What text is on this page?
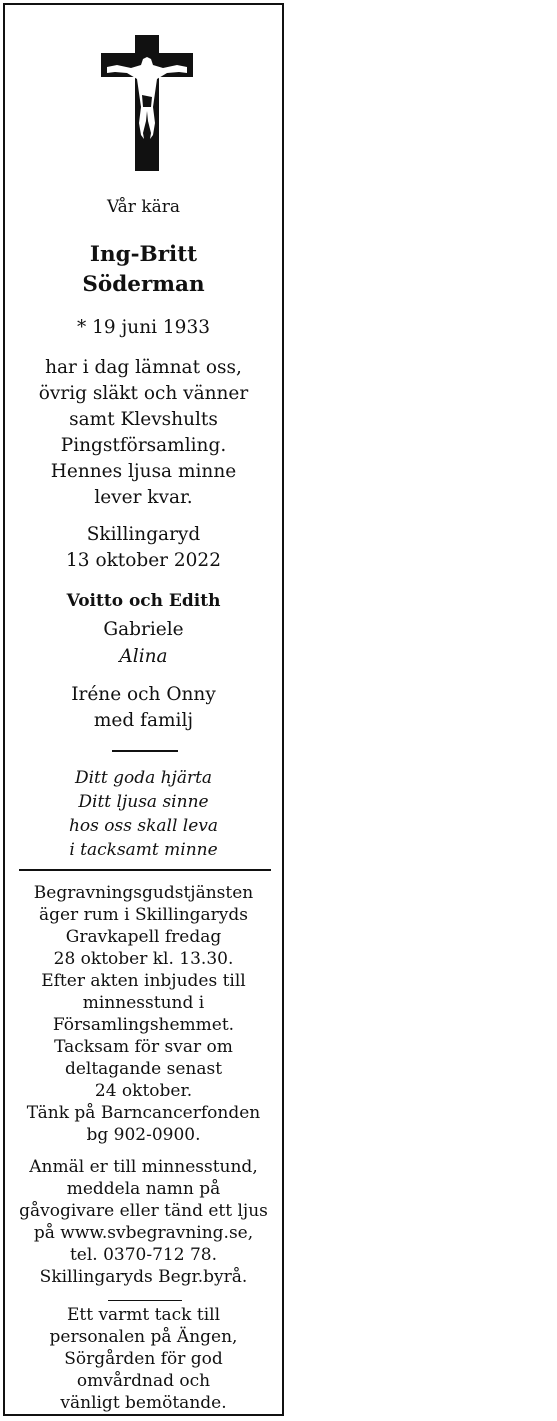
Vår kära
Ing-Britt
Söderman
* 19 juni 1933
har i dag lämnat oss,
övrig släkt och vänner
samt Klevshults
Pingstförsamling.
Hennes ljusa minne
lever kvar.
Skillingaryd
13 oktober 2022
Voitto och Edith
Gabriele
Alina
Iréne och Onny
med familj
Ditt goda hjärta
Ditt ljusa sinne
hos oss skall leva
i tacksamt minne
Begravningsgudstjänsten
äger rum i Skillingaryds
Gravkapell fredag
28 oktober kl. 13.30.
Efter akten inbjudes till
minnesstund i
Församlingshemmet.
Tacksam för svar om
deltagande senast
24 oktober.
Tänk på Barncancerfonden
bg 902-0900.
Anmäl er till minnesstund,
meddela namn på
gåvogivare eller tänd ett ljus
på www.svbegravning.se,
tel. 0370-712 78.
Skillingaryds Begr.byrå.
Ett varmt tack till
personalen på Ängen,
Sörgården för god
omvårdnad och
vänligt bemötande.
